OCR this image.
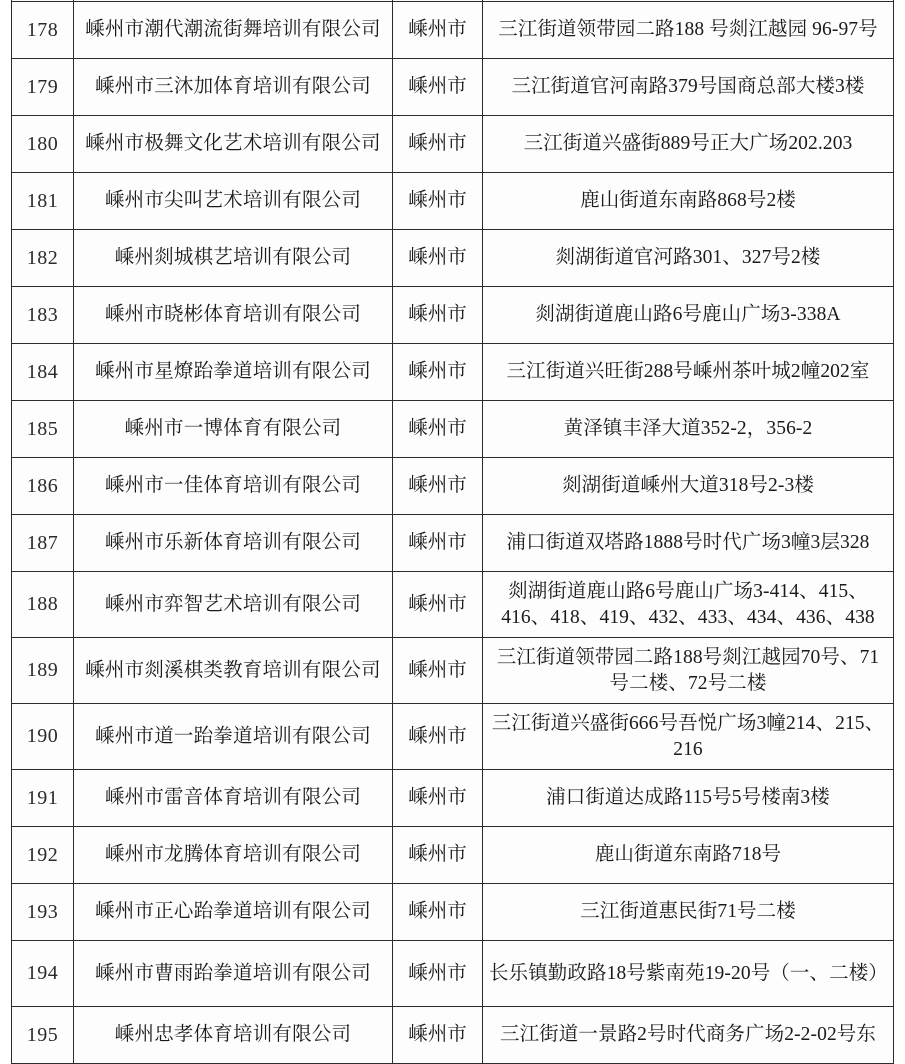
178	嵊州市潮代潮流街舞培训有限公司	嵊州市	三江街道领带园二路188 号剡江越园 96-97号
179	嵊州市三沐加体育培训有限公司	嵊州市	三江街道官河南路379号国商总部大楼3楼
180	嵊州市极舞文化艺术培训有限公司	嵊州市	三江街道兴盛街889号正大广场202.203
181	嵊州市尖叫艺术培训有限公司	嵊州市	鹿山街道东南路868号2楼
182	嵊州剡城棋艺培训有限公司	嵊州市	剡湖街道官河路301、327号2楼
183	嵊州市晓彬体育培训有限公司	嵊州市	剡湖街道鹿山路6号鹿山广场3-338A
184	嵊州市星燎跆拳道培训有限公司	嵊州市	三江街道兴旺街288号嵊州茶叶城2幢202室
185	嵊州市一博体育有限公司	嵊州市	黄泽镇丰泽大道352-2，356-2
186	嵊州市一佳体育培训有限公司	嵊州市	剡湖街道嵊州大道318号2-3楼
187	嵊州市乐新体育培训有限公司	嵊州市	浦口街道双塔路1888号时代广场3幢3层328
188	嵊州市弈智艺术培训有限公司	嵊州市	剡湖街道鹿山路6号鹿山广场3-414、415、416、418、419、432、433、434、436、438
189	嵊州市剡溪棋类教育培训有限公司	嵊州市	三江街道领带园二路188号剡江越园70号、71号二楼、72号二楼
190	嵊州市道一跆拳道培训有限公司	嵊州市	三江街道兴盛街666号吾悦广场3幢214、215、216
191	嵊州市雷音体育培训有限公司	嵊州市	浦口街道达成路115号5号楼南3楼
192	嵊州市龙腾体育培训有限公司	嵊州市	鹿山街道东南路718号
193	嵊州市正心跆拳道培训有限公司	嵊州市	三江街道惠民街71号二楼
194	嵊州市曹雨跆拳道培训有限公司	嵊州市	长乐镇勤政路18号紫南苑19-20号（一、二楼）
195	嵊州忠孝体育培训有限公司	嵊州市	三江街道一景路2号时代商务广场2-2-02号东
